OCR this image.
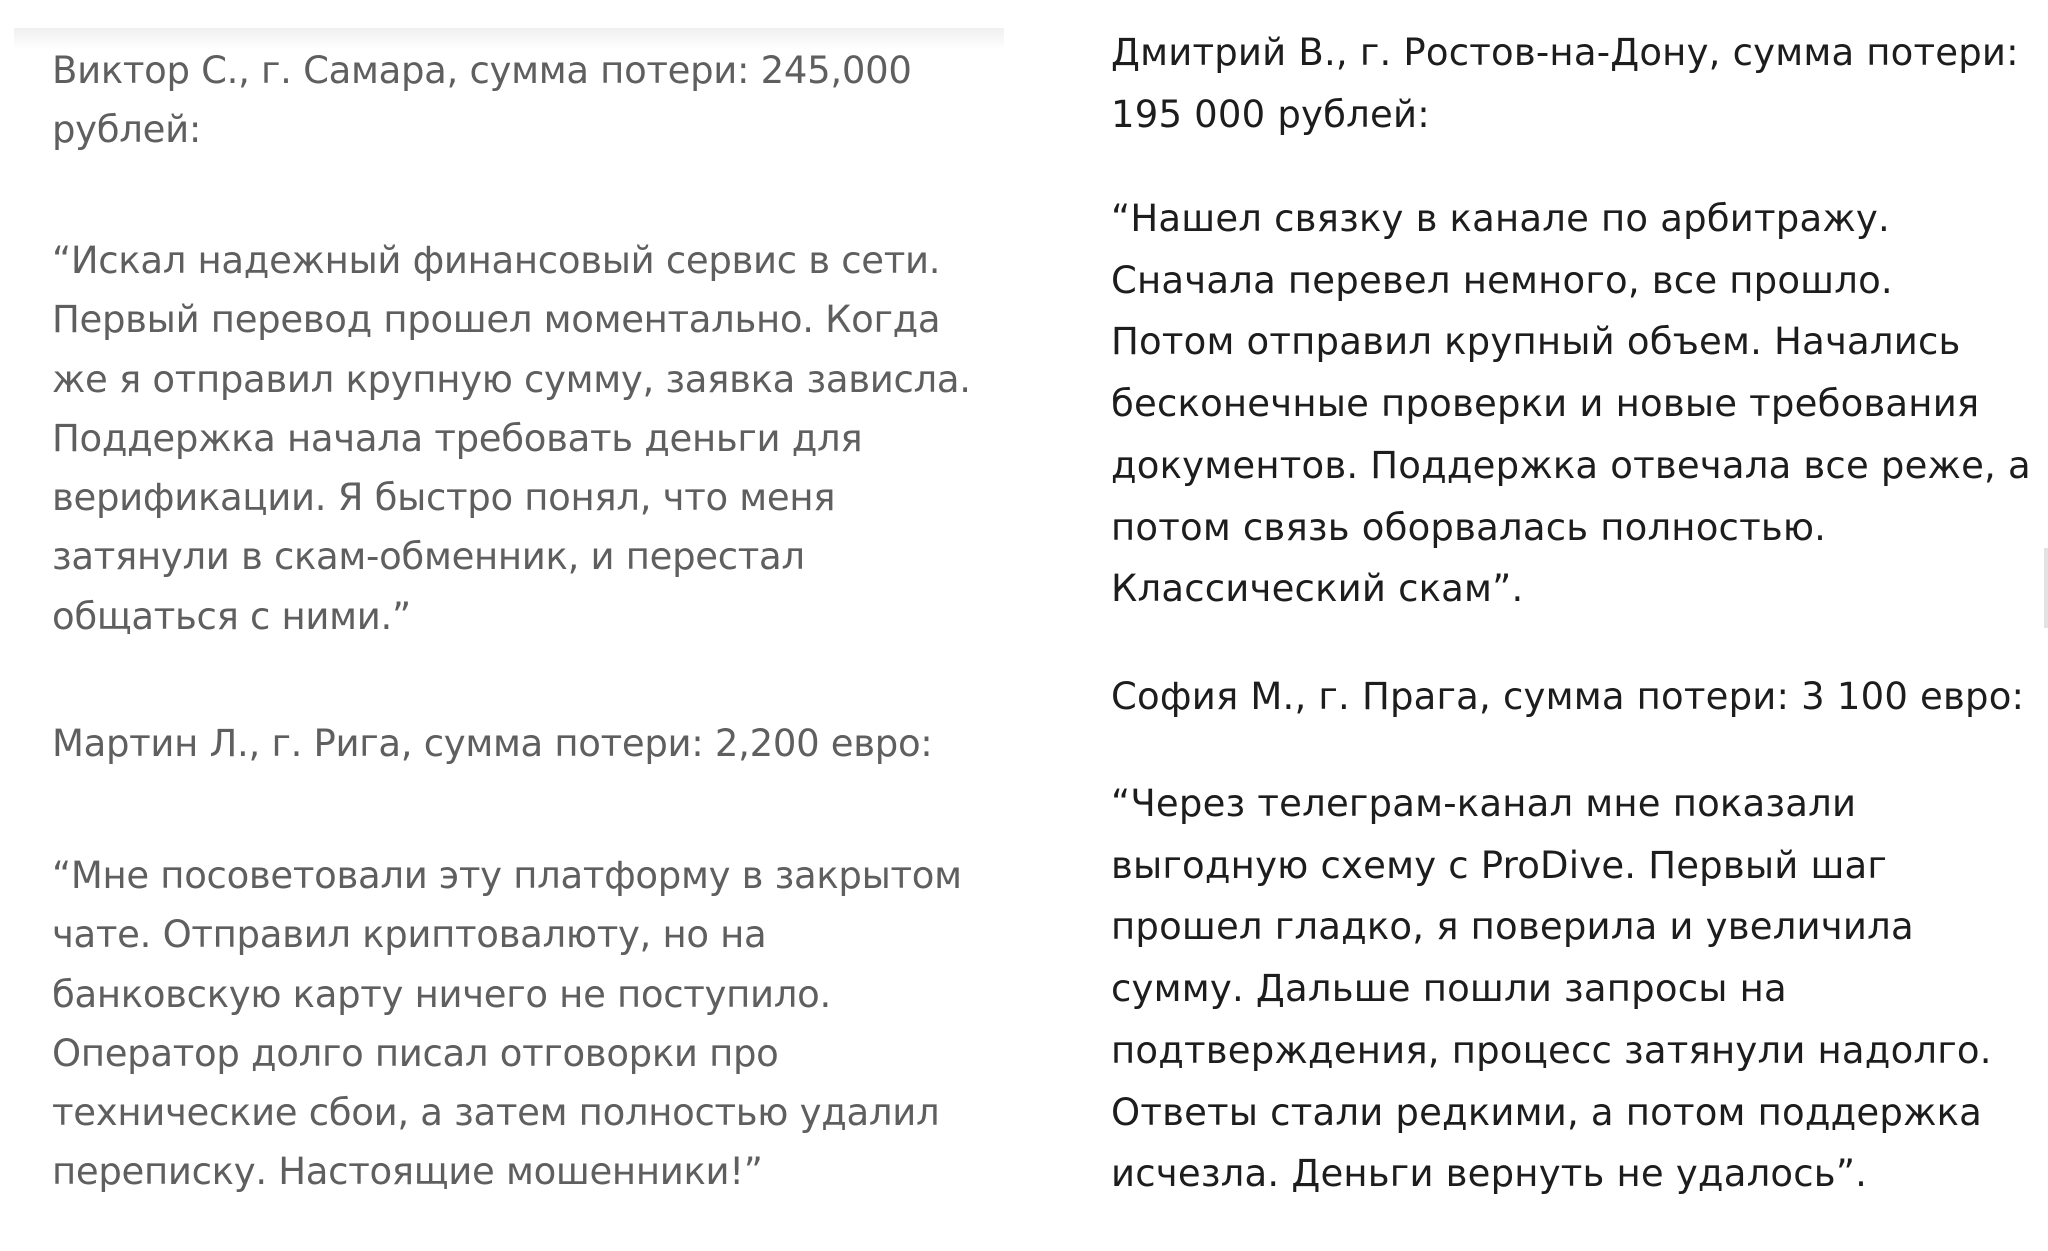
Виктор С., г. Самара, сумма потери: 245,000
рублей:

“Искал надежный финансовый сервис в сети.
Первый перевод прошел моментально. Когда
же я отправил крупную сумму, заявка зависла.
Поддержка начала требовать деньги для
верификации. Я быстро понял, что меня
затянули в скам-обменник, и перестал
общаться с ними.”

Мартин Л., г. Рига, сумма потери: 2,200 евро:

“Мне посоветовали эту платформу в закрытом
чате. Отправил криптовалюту, но на
банковскую карту ничего не поступило.
Оператор долго писал отговорки про
технические сбои, а затем полностью удалил
переписку. Настоящие мошенники!”

Дмитрий В., г. Ростов-на-Дону, сумма потери:
195 000 рублей:

“Нашел связку в канале по арбитражу.
Сначала перевел немного, все прошло.
Потом отправил крупный объем. Начались
бесконечные проверки и новые требования
документов. Поддержка отвечала все реже, а
потом связь оборвалась полностью.
Классический скам”.

София М., г. Прага, сумма потери: 3 100 евро:

“Через телеграм-канал мне показали
выгодную схему с ProDive. Первый шаг
прошел гладко, я поверила и увеличила
сумму. Дальше пошли запросы на
подтверждения, процесс затянули надолго.
Ответы стали редкими, а потом поддержка
исчезла. Деньги вернуть не удалось”.
